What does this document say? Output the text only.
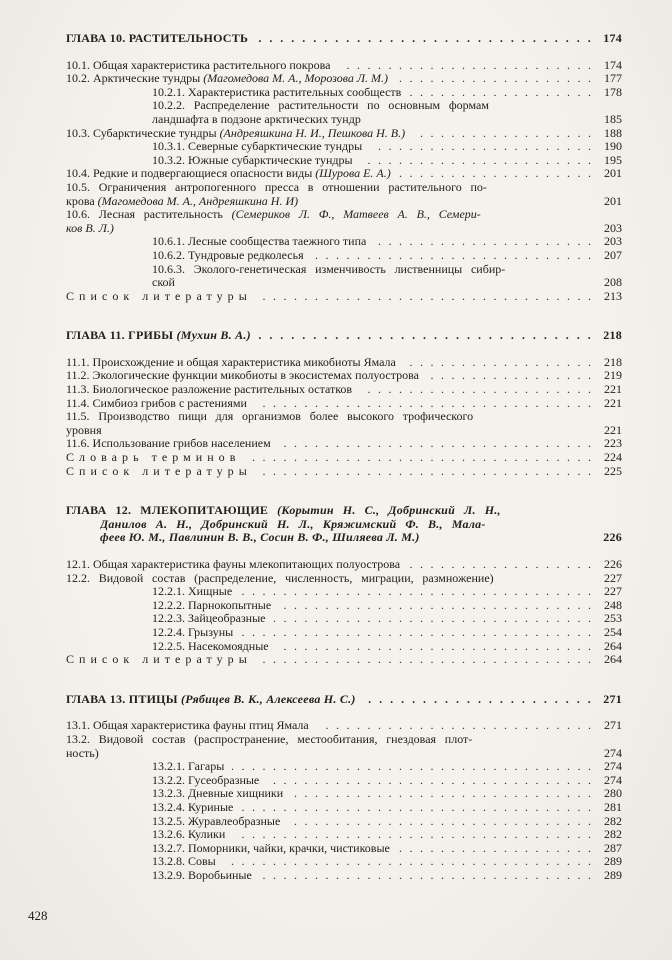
ГЛАВА 10. РАСТИТЕЛЬНОСТЬ . . .	174
10.1. Общая характеристика растительного покрова . . .	174
10.2. Арктические тундры (Магомедова М. А., Морозова Л. М.) . . .	177
10.2.1. Характеристика растительных сообществ . . .	178
10.2.2. Распределение растительности по основным формам
ландшафта в подзоне арктических тундр	185
10.3. Субарктические тундры (Андреяшкина Н. И., Пешкова Н. В.) . . .	188
10.3.1. Северные субарктические тундры . . .	190
10.3.2. Южные субарктические тундры . . .	195
10.4. Редкие и подвергающиеся опасности виды (Шурова Е. А.) . . .	201
10.5. Ограничения антропогенного пресса в отношении растительного по-
крова (Магомедова М. А., Андреяшкина Н. И)	201
10.6. Лесная растительность (Семериков Л. Ф., Матвеев А. В., Семери-
ков В. Л.)	203
10.6.1. Лесные сообщества таежного типа . . .	203
10.6.2. Тундровые редколесья . . .	207
10.6.3. Эколого-генетическая изменчивость лиственницы сибир-
ской	208
Список литературы . . .	213
ГЛАВА 11. ГРИБЫ (Мухин В. А.) . . .	218
11.1. Происхождение и общая характеристика микобиоты Ямала . . .	218
11.2. Экологические функции микобиоты в экосистемах полуострова . . .	219
11.3. Биологическое разложение растительных остатков . . .	221
11.4. Симбиоз грибов с растениями . . .	221
11.5. Производство пищи для организмов более высокого трофического
уровня	221
11.6. Использование грибов населением . . .	223
Словарь терминов . . .	224
Список литературы . . .	225
ГЛАВА 12. МЛЕКОПИТАЮЩИЕ (Корытин Н. С., Добринский Л. Н.,
Данилов А. Н., Добринский Н. Л., Кряжимский Ф. В., Мала-
феев Ю. М., Павлинин В. В., Сосин В. Ф., Шиляева Л. М.)	226
12.1. Общая характеристика фауны млекопитающих полуострова . . .	226
12.2. Видовой состав (распределение, численность, миграции, размножение)	227
12.2.1. Хищные . . .	227
12.2.2. Парнокопытные . . .	248
12.2.3. Зайцеобразные . . .	253
12.2.4. Грызуны . . .	254
12.2.5. Насекомоядные . . .	264
Список литературы . . .	264
ГЛАВА 13. ПТИЦЫ (Рябицев В. К., Алексеева Н. С.) . . .	271
13.1. Общая характеристика фауны птиц Ямала . . .	271
13.2. Видовой состав (распространение, местообитания, гнездовая плот-
ность)	274
13.2.1. Гагары . . .	274
13.2.2. Гусеобразные . . .	274
13.2.3. Дневные хищники . . .	280
13.2.4. Куриные . . .	281
13.2.5. Журавлеобразные . . .	282
13.2.6. Кулики . . .	282
13.2.7. Поморники, чайки, крачки, чистиковые . . .	287
13.2.8. Совы . . .	289
13.2.9. Воробьиные . . .	289
428
